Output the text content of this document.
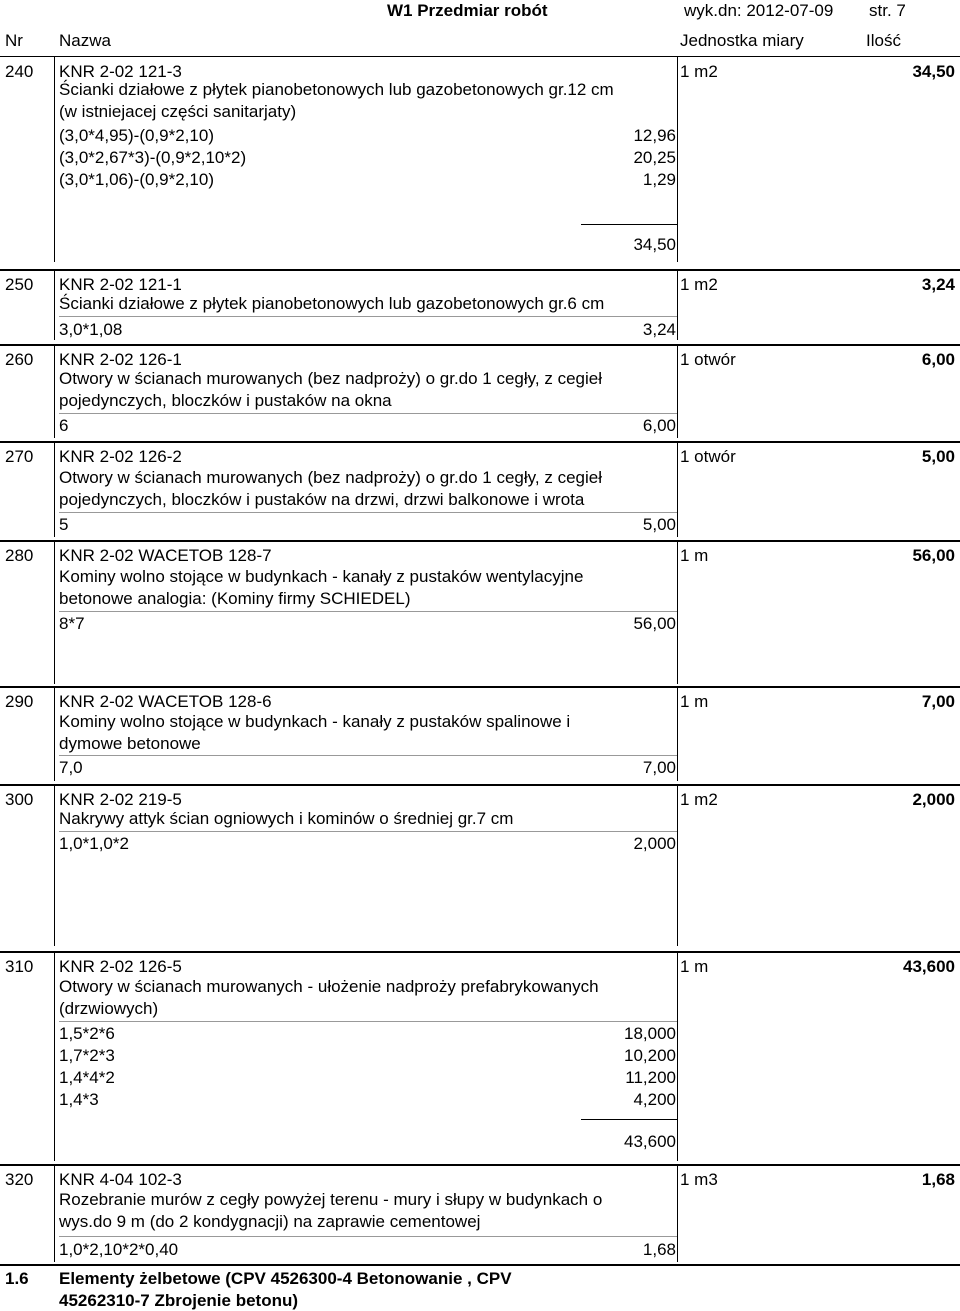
W1 Przedmiar robót	wyk.dn: 2012-07-09 str. 7
Nr Nazwa	Jednostka miary	Ilość
240 KNR 2-02 121-3	1 m2	34,50
Ścianki działowe z płytek pianobetonowych lub gazobetonowych gr.12 cm
(w istniejacej części sanitarjaty)
(3,0*4,95)-(0,9*2,10)	12,96
(3,0*2,67*3)-(0,9*2,10*2)	20,25
(3,0*1,06)-(0,9*2,10)	1,29
34,50
250 KNR 2-02 121-1	1 m2	3,24
Ścianki działowe z płytek pianobetonowych lub gazobetonowych gr.6 cm
3,0*1,08	3,24
260 KNR 2-02 126-1	1 otwór	6,00
Otwory w ścianach murowanych (bez nadproży) o gr.do 1 cegły, z cegieł
pojedynczych, bloczków i pustaków na okna
6	6,00
270 KNR 2-02 126-2	1 otwór	5,00
Otwory w ścianach murowanych (bez nadproży) o gr.do 1 cegły, z cegieł
pojedynczych, bloczków i pustaków na drzwi, drzwi balkonowe i wrota
5	5,00
280 KNR 2-02 WACETOB 128-7	1 m	56,00
Kominy wolno stojące w budynkach - kanały z pustaków wentylacyjne
betonowe analogia: (Kominy firmy SCHIEDEL)
8*7	56,00
290 KNR 2-02 WACETOB 128-6	1 m	7,00
Kominy wolno stojące w budynkach - kanały z pustaków spalinowe i
dymowe betonowe
7,0	7,00
300 KNR 2-02 219-5	1 m2	2,000
Nakrywy attyk ścian ogniowych i kominów o średniej gr.7 cm
1,0*1,0*2	2,000
310 KNR 2-02 126-5	1 m	43,600
Otwory w ścianach murowanych - ułożenie nadproży prefabrykowanych
(drzwiowych)
1,5*2*6	18,000
1,7*2*3	10,200
1,4*4*2	11,200
1,4*3	4,200
43,600
320 KNR 4-04 102-3	1 m3	1,68
Rozebranie murów z cegły powyżej terenu - mury i słupy w budynkach o
wys.do 9 m (do 2 kondygnacji) na zaprawie cementowej
1,0*2,10*2*0,40	1,68
1.6 Elementy żelbetowe (CPV 4526300-4 Betonowanie , CPV
45262310-7 Zbrojenie betonu)
